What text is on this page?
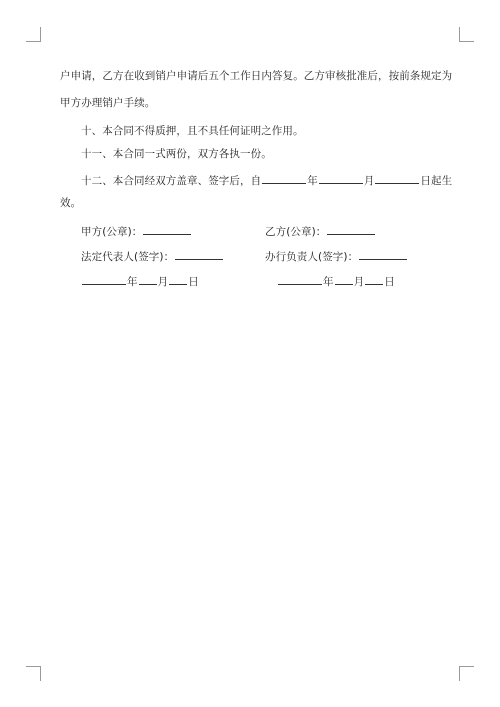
户申请，乙方在收到销户申请后五个工作日内答复。乙方审核批准后，按前条规定为
甲方办理销户手续。
十、本合同不得质押，且不具任何证明之作用。
十一、本合同一式两份，双方各执一份。
十二、本合同经双方盖章、签字后，自	年	月	日起生
效。
甲方(公章)：	乙方(公章)：
法定代表人(签字)：	办行负责人(签字)：
年 月 日	年 月 日
